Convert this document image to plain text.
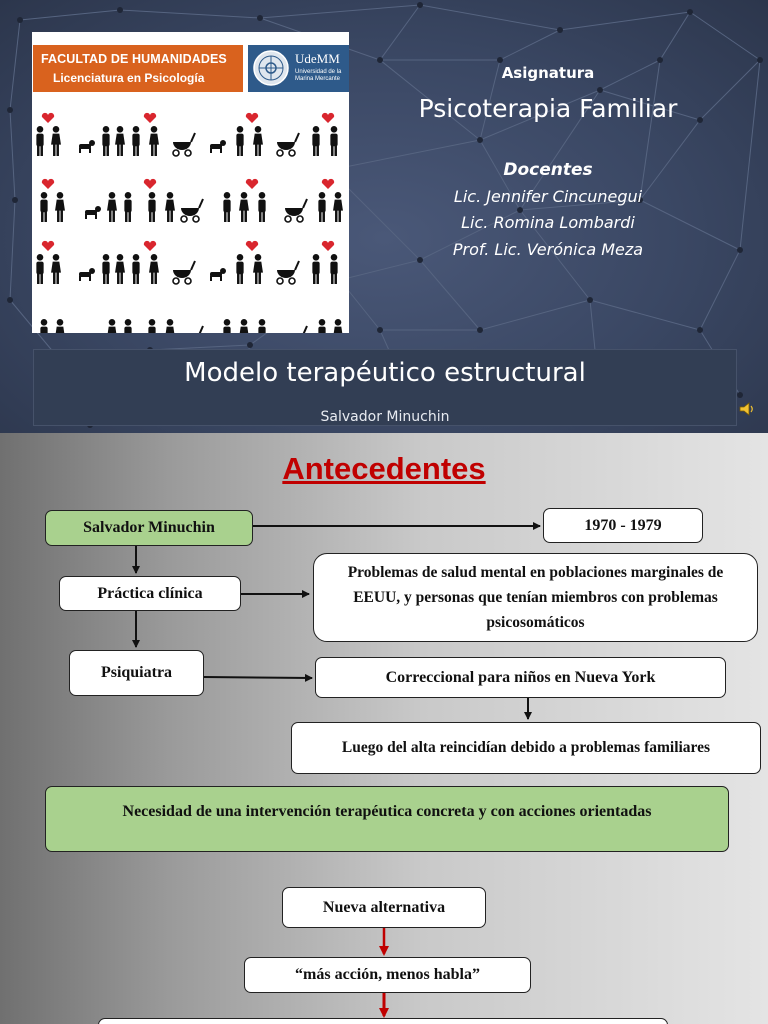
FACULTAD DE HUMANIDADES
Licenciatura en Psicología
UdeMM
Universidad de la
Marina Mercante	Asignatura
Psicoterapia Familiar
Docentes
Lic. Jennifer Cincunegui
Lic. Romina Lombardi
Prof. Lic. Verónica Meza
Modelo terapéutico estructural
Salvador Minuchin
Antecedentes
Salvador Minuchin	1970 - 1979
Práctica clínica
Problemas de salud mental en poblaciones marginales de EEUU, y personas que tenían miembros con problemas psicosomáticos
Psiquiatra	Correccional para niños en Nueva York
Luego del alta reincidían debido a problemas familiares
Necesidad de una intervención terapéutica concreta y con acciones orientadas
Nueva alternativa
“más acción, menos habla”
